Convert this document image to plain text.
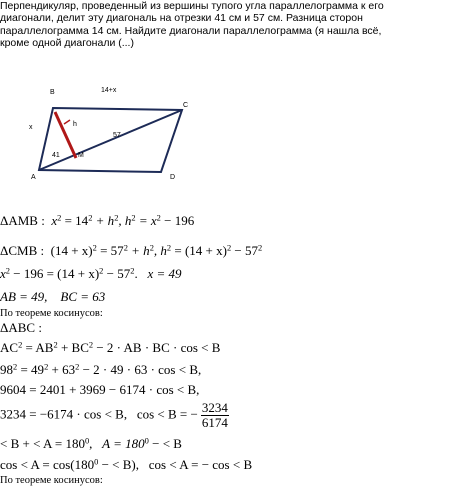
Перпендикуляр, проведенный из вершины тупого угла параллелограмма к его
диагонали, делит эту диагональ на отрезки 41 см и 57 см. Разница сторон
параллелограмма 14 см. Найдите диагонали параллелограмма (я нашла всё,
кроме одной диагонали (...)
B
C
A	D
M
14+x
x	h
57
41
ΔAMB : $x^2 = 14^2 + h^2$, $h^2 = x^2 - 196$
ΔCMB : $(14 + x)^2 = 57^2 + h^2$, $h^2 = (14 + x)^2 - 57^2$
$x^2 - 196 = (14 + x)^2 - 57^2$. x = 49
AB = 49, BC = 63
По теореме косинусов:
ΔABC :
$AC^2 = AB^2 + BC^2 - 2$ · AB · BC · cos < B
$98^2 = 49^2 + 63^2 - 2 \cdot 49 \cdot 63 \cdot \cos < B$,
9604 = 2401 + 3969 − 6174 · cos < B,
3234 = −6174 · cos < B, cos < B = − $\frac{3234}{6174}$
< B + < $A = 180^0$, $A = 180^0$ − < B
$\cos < A = \cos(180^0$ − < B), cos < A = − cos < B
По теореме косинусов:
